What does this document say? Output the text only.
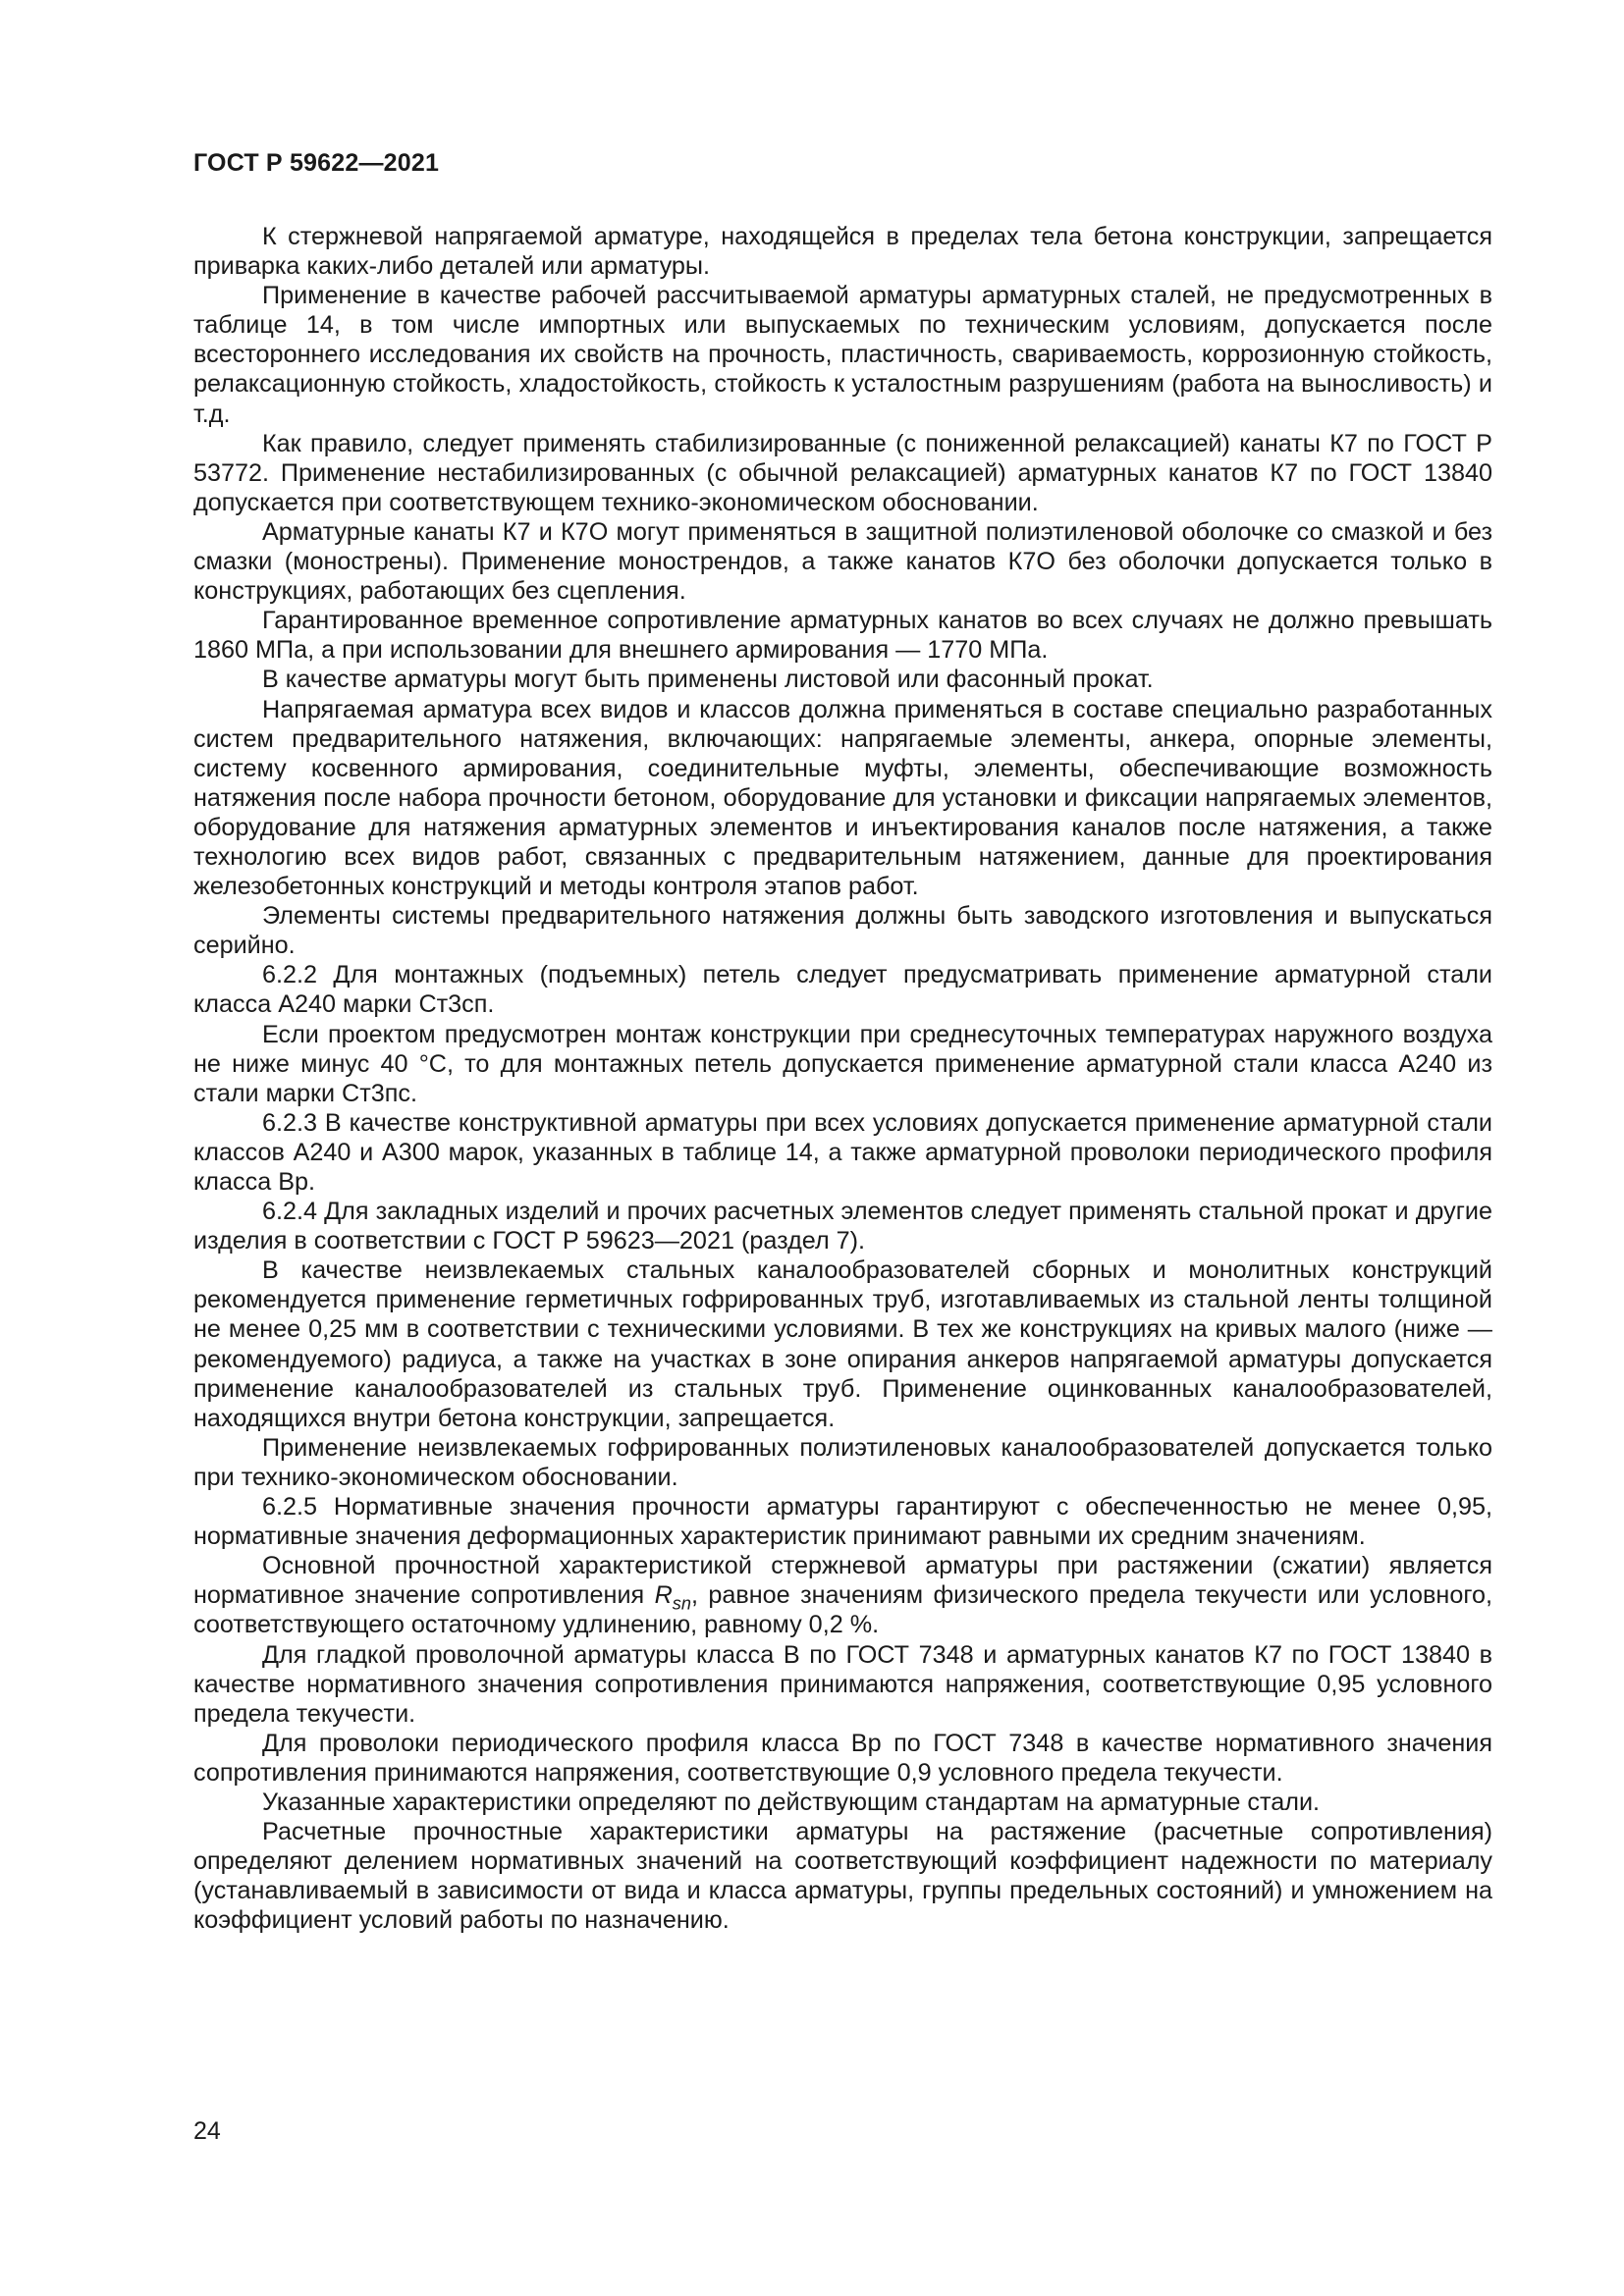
ГОСТ Р 59622—2021

К стержневой напрягаемой арматуре, находящейся в пределах тела бетона конструкции, запрещается приварка каких-либо деталей или арматуры.

Применение в качестве рабочей рассчитываемой арматуры арматурных сталей, не предусмотренных в таблице 14, в том числе импортных или выпускаемых по техническим условиям, допускается после всестороннего исследования их свойств на прочность, пластичность, свариваемость, коррозионную стойкость, релаксационную стойкость, хладостойкость, стойкость к усталостным разрушениям (работа на выносливость) и т.д.

Как правило, следует применять стабилизированные (с пониженной релаксацией) канаты К7 по ГОСТ Р 53772. Применение нестабилизированных (с обычной релаксацией) арматурных канатов К7 по ГОСТ 13840 допускается при соответствующем технико-экономическом обосновании.

Арматурные канаты К7 и К7О могут применяться в защитной полиэтиленовой оболочке со смазкой и без смазки (монострены). Применение монострендов, а также канатов К7О без оболочки допускается только в конструкциях, работающих без сцепления.

Гарантированное временное сопротивление арматурных канатов во всех случаях не должно превышать 1860 МПа, а при использовании для внешнего армирования — 1770 МПа.

В качестве арматуры могут быть применены листовой или фасонный прокат.

Напрягаемая арматура всех видов и классов должна применяться в составе специально разработанных систем предварительного натяжения, включающих: напрягаемые элементы, анкера, опорные элементы, систему косвенного армирования, соединительные муфты, элементы, обеспечивающие возможность натяжения после набора прочности бетоном, оборудование для установки и фиксации напрягаемых элементов, оборудование для натяжения арматурных элементов и инъектирования каналов после натяжения, а также технологию всех видов работ, связанных с предварительным натяжением, данные для проектирования железобетонных конструкций и методы контроля этапов работ.

Элементы системы предварительного натяжения должны быть заводского изготовления и выпускаться серийно.

6.2.2 Для монтажных (подъемных) петель следует предусматривать применение арматурной стали класса А240 марки Ст3сп.

Если проектом предусмотрен монтаж конструкции при среднесуточных температурах наружного воздуха не ниже минус 40 °С, то для монтажных петель допускается применение арматурной стали класса А240 из стали марки Ст3пс.

6.2.3 В качестве конструктивной арматуры при всех условиях допускается применение арматурной стали классов А240 и А300 марок, указанных в таблице 14, а также арматурной проволоки периодического профиля класса Вр.

6.2.4 Для закладных изделий и прочих расчетных элементов следует применять стальной прокат и другие изделия в соответствии с ГОСТ Р 59623—2021 (раздел 7).

В качестве неизвлекаемых стальных каналообразователей сборных и монолитных конструкций рекомендуется применение герметичных гофрированных труб, изготавливаемых из стальной ленты толщиной не менее 0,25 мм в соответствии с техническими условиями. В тех же конструкциях на кривых малого (ниже — рекомендуемого) радиуса, а также на участках в зоне опирания анкеров напрягаемой арматуры допускается применение каналообразователей из стальных труб. Применение оцинкованных каналообразователей, находящихся внутри бетона конструкции, запрещается.

Применение неизвлекаемых гофрированных полиэтиленовых каналообразователей допускается только при технико-экономическом обосновании.

6.2.5 Нормативные значения прочности арматуры гарантируют с обеспеченностью не менее 0,95, нормативные значения деформационных характеристик принимают равными их средним значениям.

Основной прочностной характеристикой стержневой арматуры при растяжении (сжатии) является нормативное значение сопротивления $R_{sn}$, равное значениям физического предела текучести или условного, соответствующего остаточному удлинению, равному 0,2 %.

Для гладкой проволочной арматуры класса В по ГОСТ 7348 и арматурных канатов К7 по ГОСТ 13840 в качестве нормативного значения сопротивления принимаются напряжения, соответствующие 0,95 условного предела текучести.

Для проволоки периодического профиля класса Вр по ГОСТ 7348 в качестве нормативного значения сопротивления принимаются напряжения, соответствующие 0,9 условного предела текучести.

Указанные характеристики определяют по действующим стандартам на арматурные стали.

Расчетные прочностные характеристики арматуры на растяжение (расчетные сопротивления) определяют делением нормативных значений на соответствующий коэффициент надежности по материалу (устанавливаемый в зависимости от вида и класса арматуры, группы предельных состояний) и умножением на коэффициент условий работы по назначению.

24
